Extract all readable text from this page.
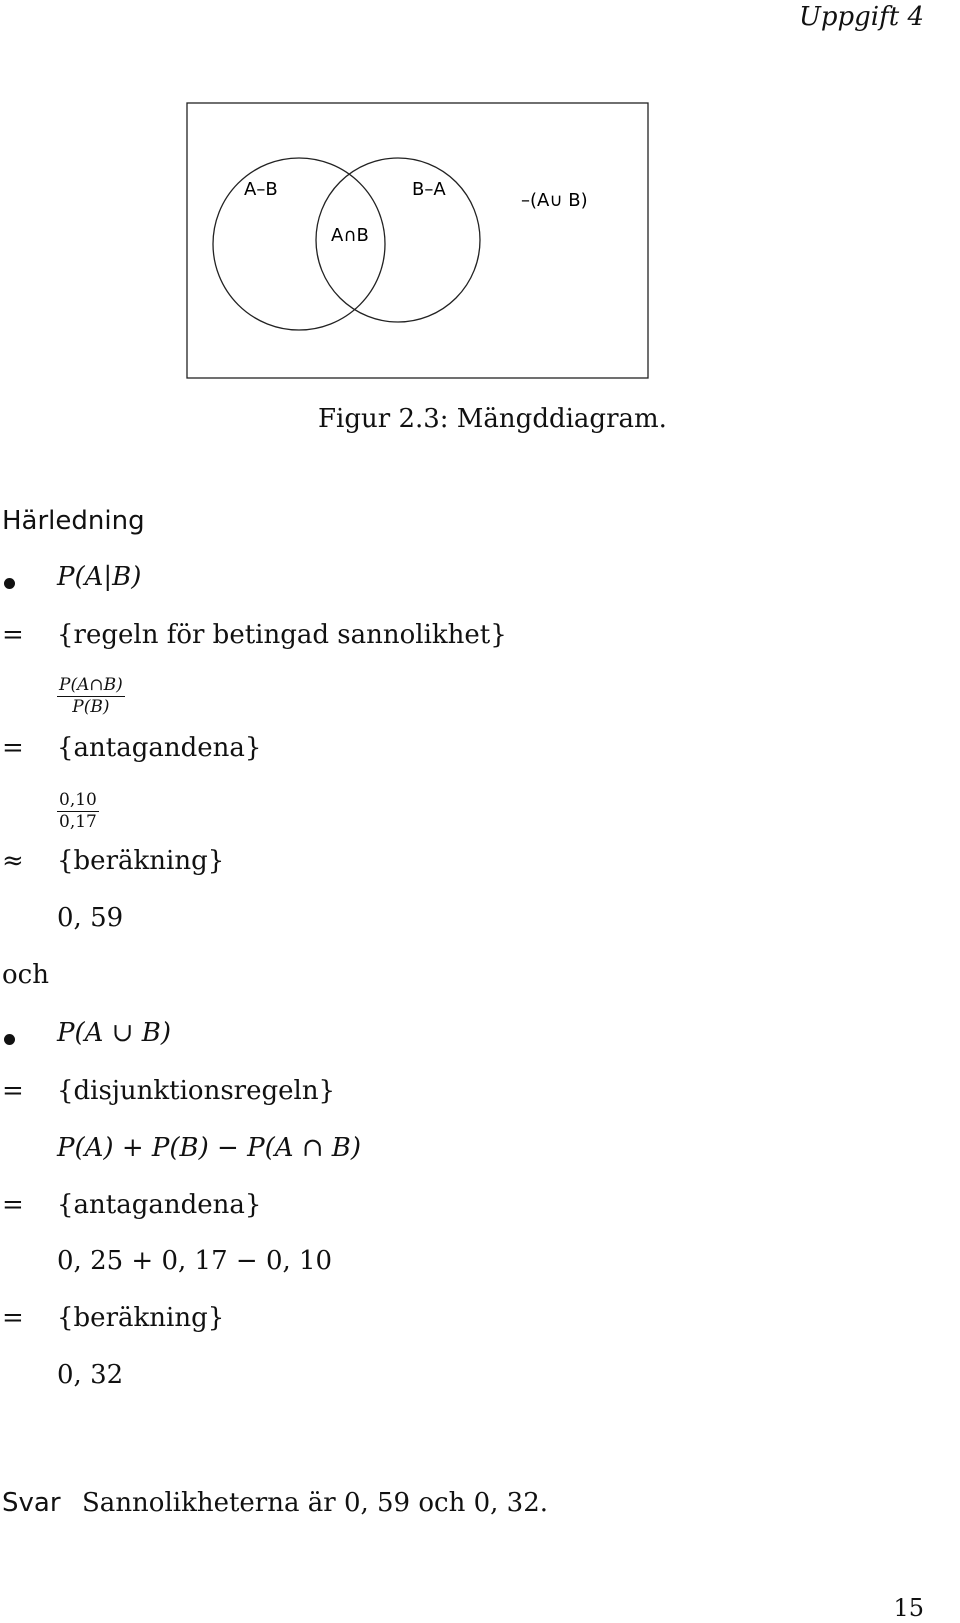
Uppgift 4
A–B	B–A
A∩B
–(A∪ B)
Figur 2.3: Mängddiagram.
Härledning
P(A|B)
= {regeln för betingad sannolikhet}
$\frac{P(A\cap B)}{P(B)}$
= {antagandena}
$\frac{0,10}{0,17}$
≈ {beräkning}
0, 59
och
P(A ∪ B)
= {disjunktionsregeln}
P(A) + P(B) − P(A ∩ B)
= {antagandena}
0, 25 + 0, 17 − 0, 10
= {beräkning}
0, 32
Svar Sannolikheterna är 0, 59 och 0, 32.
15
